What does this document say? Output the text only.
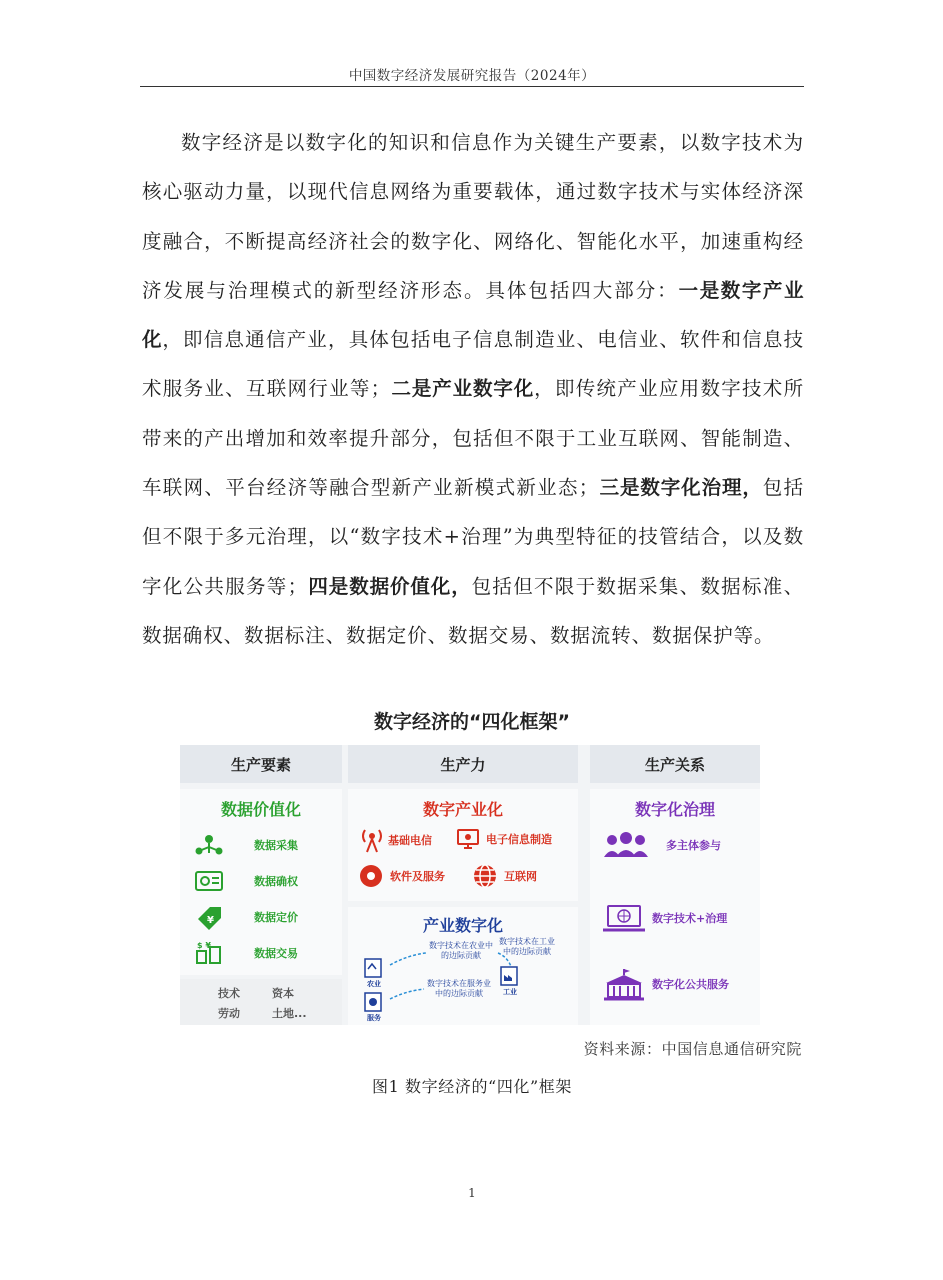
中国数字经济发展研究报告（2024年）

数字经济是以数字化的知识和信息作为关键生产要素，以数字技术为核心驱动力量，以现代信息网络为重要载体，通过数字技术与实体经济深度融合，不断提高经济社会的数字化、网络化、智能化水平，加速重构经济发展与治理模式的新型经济形态。具体包括四大部分：一是数字产业化，即信息通信产业，具体包括电子信息制造业、电信业、软件和信息技术服务业、互联网行业等；二是产业数字化，即传统产业应用数字技术所带来的产出增加和效率提升部分，包括但不限于工业互联网、智能制造、车联网、平台经济等融合型新产业新模式新业态；三是数字化治理，包括但不限于多元治理，以“数字技术+治理”为典型特征的技管结合，以及数字化公共服务等；四是数据价值化，包括但不限于数据采集、数据标准、数据确权、数据标注、数据定价、数据交易、数据流转、数据保护等。

数字经济的“四化框架”
生产要素
数据价值化
数据采集
数据确权
¥	数据定价
$ ¥
数据交易
技术	资本
劳动	土地...
生产力
数字产业化
基础电信	电子信息制造
软件及服务	互联网
产业数字化
农业
数字技术在农业中的边际贡献
数字技术在工业中的边际贡献
工业
服务
数字技术在服务业中的边际贡献
生产关系
数字化治理
多主体参与
数字技术+治理
数字化公共服务
资料来源：中国信息通信研究院
图1 数字经济的“四化”框架
1
